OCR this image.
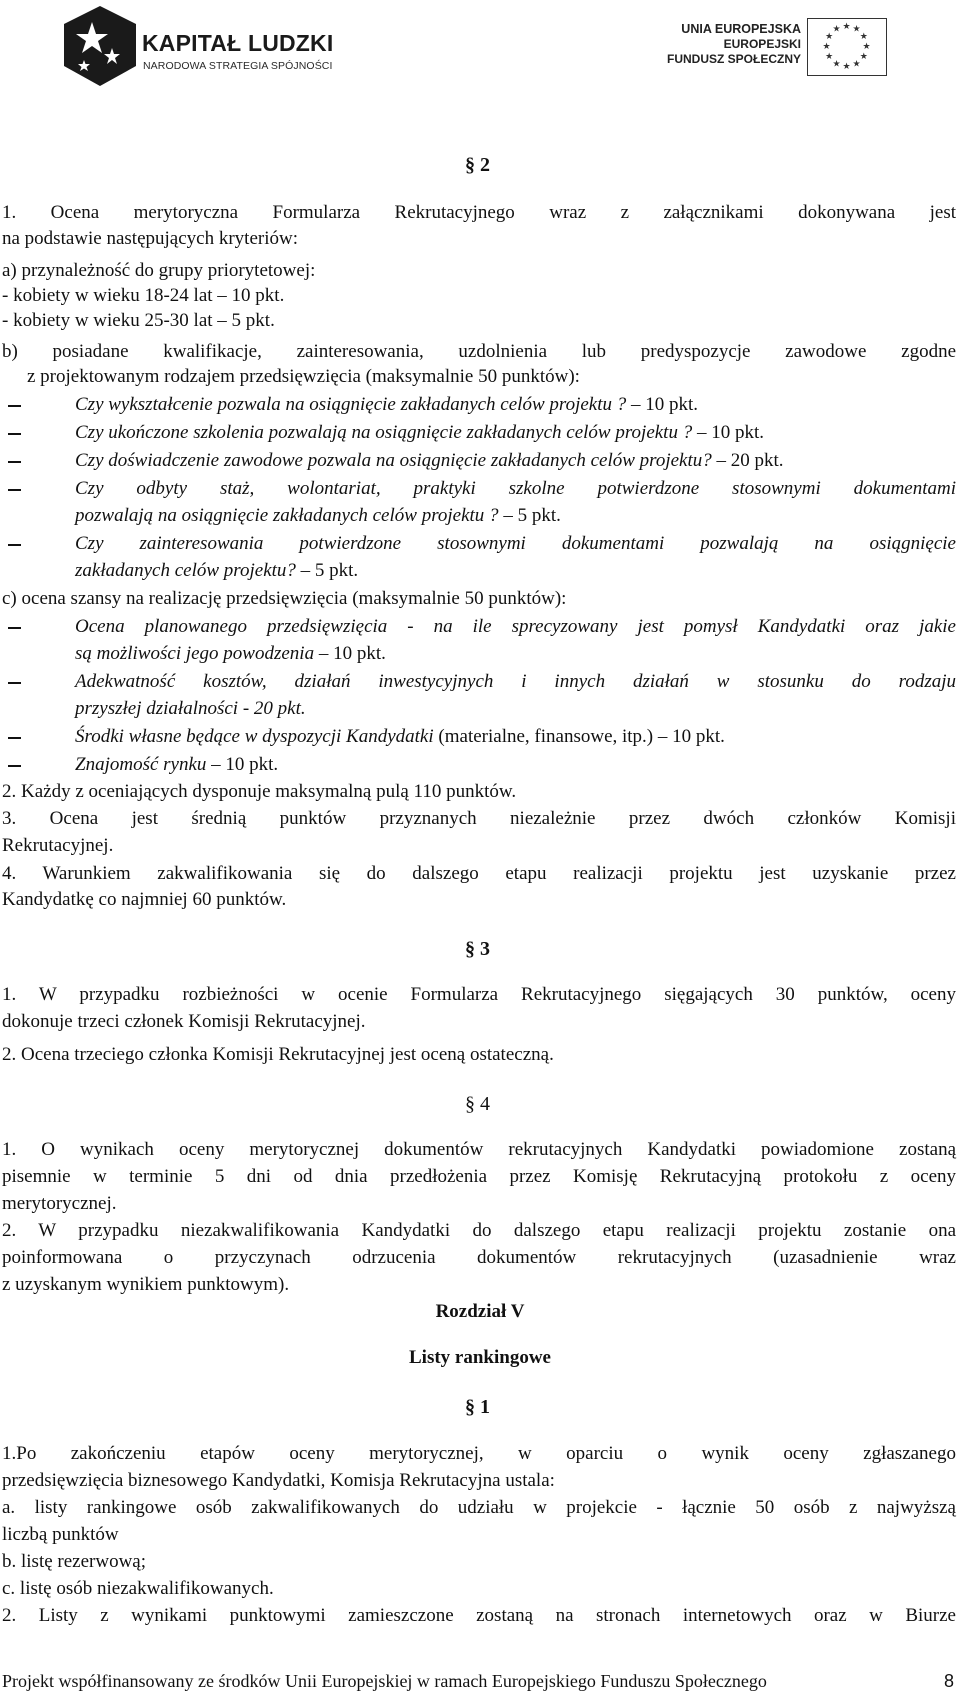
KAPITAŁ LUDZKI
NARODOWA STRATEGIA SPÓJNOŚCI
UNIA EUROPEJSKA
EUROPEJSKI
FUNDUSZ SPOŁECZNY
★ ★
★
★
★
★
★
★
★
★
★
★
§ 2
1. Ocena merytoryczna Formularza Rekrutacyjnego wraz z załącznikami dokonywana jest
na podstawie następujących kryteriów:
a) przynależność do grupy priorytetowej:
- kobiety w wieku 18-24 lat – 10 pkt.
- kobiety w wieku 25-30 lat – 5 pkt.
b) posiadane kwalifikacje, zainteresowania, uzdolnienia lub predyspozycje zawodowe zgodne
z projektowanym rodzajem przedsięwzięcia (maksymalnie 50 punktów):
Czy wykształcenie pozwala na osiągnięcie zakładanych celów projektu ? – 10 pkt.
Czy ukończone szkolenia pozwalają na osiągnięcie zakładanych celów projektu ? – 10 pkt.
Czy doświadczenie zawodowe pozwala na osiągnięcie zakładanych celów projektu? – 20 pkt.
Czy odbyty staż, wolontariat, praktyki szkolne potwierdzone stosownymi dokumentami
pozwalają na osiągnięcie zakładanych celów projektu ? – 5 pkt.
Czy zainteresowania potwierdzone stosownymi dokumentami pozwalają na osiągnięcie
zakładanych celów projektu? – 5 pkt.
c) ocena szansy na realizację przedsięwzięcia (maksymalnie 50 punktów):
Ocena planowanego przedsięwzięcia - na ile sprecyzowany jest pomysł Kandydatki oraz jakie
są możliwości jego powodzenia – 10 pkt.
Adekwatność kosztów, działań inwestycyjnych i innych działań w stosunku do rodzaju
przyszłej działalności - 20 pkt.
Środki własne będące w dyspozycji Kandydatki (materialne, finansowe, itp.) – 10 pkt.
Znajomość rynku – 10 pkt.
2. Każdy z oceniających dysponuje maksymalną pulą 110 punktów.
3. Ocena jest średnią punktów przyznanych niezależnie przez dwóch członków Komisji
Rekrutacyjnej.
4. Warunkiem zakwalifikowania się do dalszego etapu realizacji projektu jest uzyskanie przez
Kandydatkę co najmniej 60 punktów.
§ 3
1. W przypadku rozbieżności w ocenie Formularza Rekrutacyjnego sięgających 30 punktów, oceny
dokonuje trzeci członek Komisji Rekrutacyjnej.
2. Ocena trzeciego członka Komisji Rekrutacyjnej jest oceną ostateczną.
§ 4
1. O wynikach oceny merytorycznej dokumentów rekrutacyjnych Kandydatki powiadomione zostaną
pisemnie w terminie 5 dni od dnia przedłożenia przez Komisję Rekrutacyjną protokołu z oceny
merytorycznej.
2. W przypadku niezakwalifikowania Kandydatki do dalszego etapu realizacji projektu zostanie ona
poinformowana o przyczynach odrzucenia dokumentów rekrutacyjnych (uzasadnienie wraz
z uzyskanym wynikiem punktowym).
Rozdział V
Listy rankingowe
§ 1
1.Po zakończeniu etapów oceny merytorycznej, w oparciu o wynik oceny zgłaszanego
przedsięwzięcia biznesowego Kandydatki, Komisja Rekrutacyjna ustala:
a. listy rankingowe osób zakwalifikowanych do udziału w projekcie - łącznie 50 osób z najwyższą
liczbą punktów
b. listę rezerwową;
c. listę osób niezakwalifikowanych.
2. Listy z wynikami punktowymi zamieszczone zostaną na stronach internetowych oraz w Biurze
Projekt współfinansowany ze środków Unii Europejskiej w ramach Europejskiego Funduszu Społecznego	8
